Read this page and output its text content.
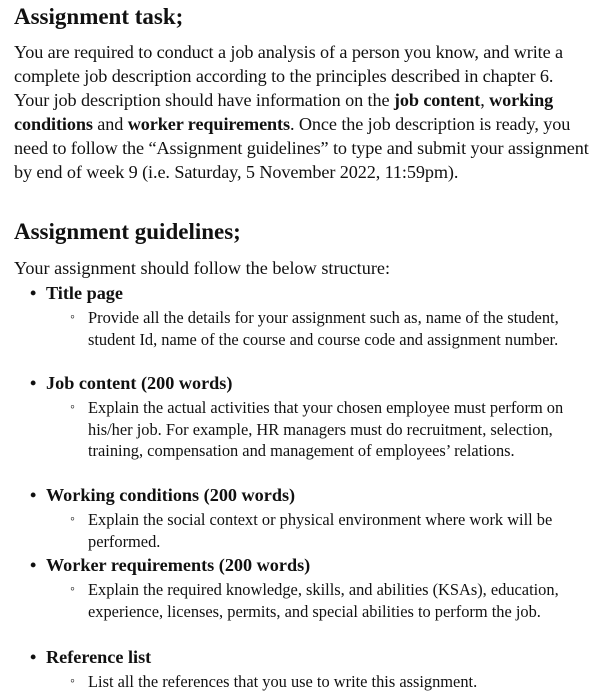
Assignment task;

You are required to conduct a job analysis of a person you know, and write a complete job description according to the principles described in chapter 6. Your job description should have information on the job content, working conditions and worker requirements. Once the job description is ready, you need to follow the “Assignment guidelines” to type and submit your assignment by end of week 9 (i.e. Saturday, 5 November 2022, 11:59pm).

Assignment guidelines;

Your assignment should follow the below structure:

• Title page
◦ Provide all the details for your assignment such as, name of the student, student Id, name of the course and course code and assignment number.
• Job content (200 words)
◦ Explain the actual activities that your chosen employee must perform on his/her job. For example, HR managers must do recruitment, selection, training, compensation and management of employees’ relations.
• Working conditions (200 words)
◦ Explain the social context or physical environment where work will be performed.
• Worker requirements (200 words)
◦ Explain the required knowledge, skills, and abilities (KSAs), education, experience, licenses, permits, and special abilities to perform the job.
• Reference list
◦ List all the references that you use to write this assignment.
